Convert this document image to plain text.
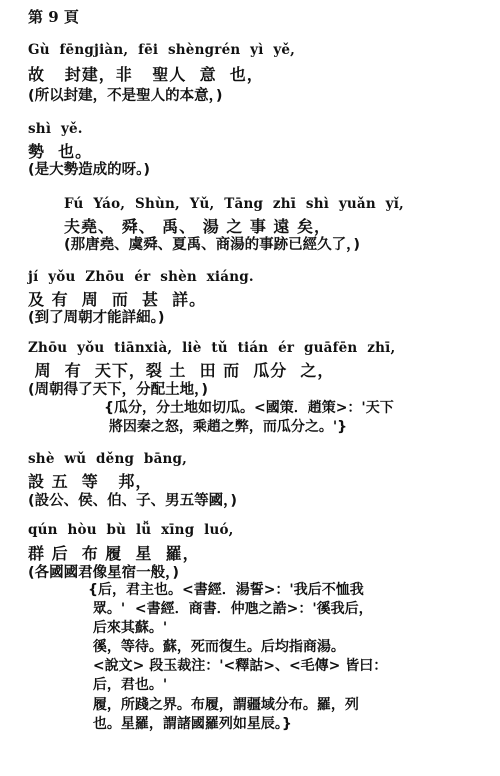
第 9 頁
Gù  fēngjiàn,  fēi  shèngrén  yì  yě,
故   封建，非   聖人  意  也，
(所以封建，不是聖人的本意，)
shì  yě.
勢  也。
(是大勢造成的呀。)
Fú  Yáo,  Shùn,  Yǔ,  Tāng  zhī  shì  yuǎn  yǐ,
夫堯、 舜、 禹、 湯 之 事 遠 矣，
(那唐堯、虞舜、夏禹、商湯的事跡已經久了，)
jí  yǒu  Zhōu  ér  shèn  xiáng.
及 有  周  而  甚  詳。
(到了周朝才能詳細。)
Zhōu  yǒu  tiānxià,  liè  tǔ  tián  ér  guāfēn  zhī,
周  有  天下，裂 土  田 而  瓜分  之，
(周朝得了天下，分配土地，)
{瓜分，分土地如切瓜。<國策．趙策>：'天下
將因秦之怒，乘趙之弊，而瓜分之。'}
shè  wǔ  děng  bāng,
設 五  等   邦，
(設公、侯、伯、子、男五等國，)
qún  hòu  bù  lǚ  xīng  luó,
群 后  布 履  星  羅，
(各國國君像星宿一般，)
{后，君主也。<書經．湯誓>：'我后不恤我
眾。'  <書經．商書．仲虺之誥>：'徯我后，
后來其蘇。'
徯，等待。蘇，死而復生。后均指商湯。
<說文> 段玉裁注：'<釋詁>、<毛傳> 皆曰：
后，君也。'
履，所踐之界。布履，謂疆域分布。羅，列
也。星羅，謂諸國羅列如星辰。}
